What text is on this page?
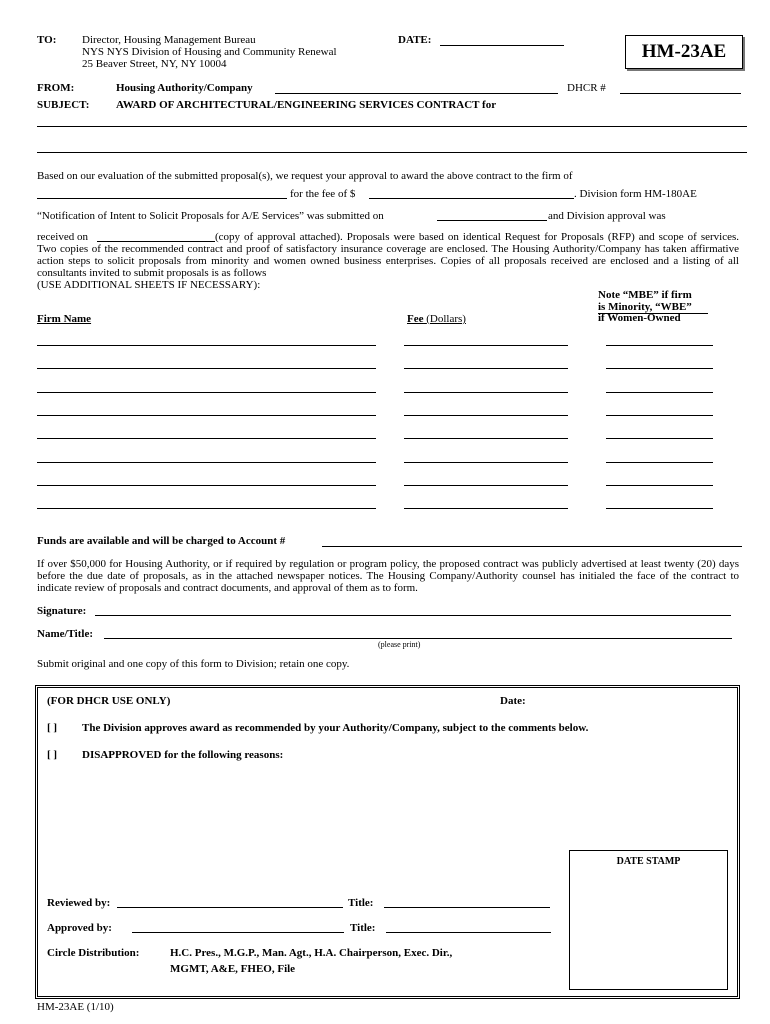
TO: Director, Housing Management Bureau
NYS NYS Division of Housing and Community Renewal
25 Beaver Street, NY, NY 10004
DATE:
HM-23AE
FROM:	Housing Authority/Company	DHCR #
SUBJECT: AWARD OF ARCHITECTURAL/ENGINEERING SERVICES CONTRACT for
Based on our evaluation of the submitted proposal(s), we request your approval to award the above contract to the firm of
for the fee of $	. Division form HM-180AE
“Notification of Intent to Solicit Proposals for A/E Services” was submitted on	and Division approval was
received on	(copy of approval attached). Proposals were based on identical Request for Proposals (RFP) and scope of services. Two copies of the recommended contract and proof of satisfactory insurance coverage are enclosed. The Housing Authority/Company has taken affirmative action steps to solicit proposals from minority and women owned business enterprises. Copies of all proposals received are enclosed and a listing of all consultants invited to submit proposals is as follows
(USE ADDITIONAL SHEETS IF NECESSARY):
Note “MBE” if firm
is Minority, “WBE”
if Women-Owned
Firm Name	Fee (Dollars)
Funds are available and will be charged to Account #
If over $50,000 for Housing Authority, or if required by regulation or program policy, the proposed contract was publicly advertised at least twenty (20) days before the due date of proposals, as in the attached newspaper notices. The Housing Company/Authority counsel has initialed the face of the contract to indicate review of proposals and contract documents, and approval of them as to form.
Signature:
Name/Title:
(please print)
Submit original and one copy of this form to Division; retain one copy.
(FOR DHCR USE ONLY)	Date:
[ ] The Division approves award as recommended by your Authority/Company, subject to the comments below.
[ ] DISAPPROVED for the following reasons:
DATE STAMP
Reviewed by:	Title:
Approved by:	Title:
Circle Distribution:	H.C. Pres., M.G.P., Man. Agt., H.A. Chairperson, Exec. Dir.,
MGMT, A&E, FHEO, File
HM-23AE (1/10)
